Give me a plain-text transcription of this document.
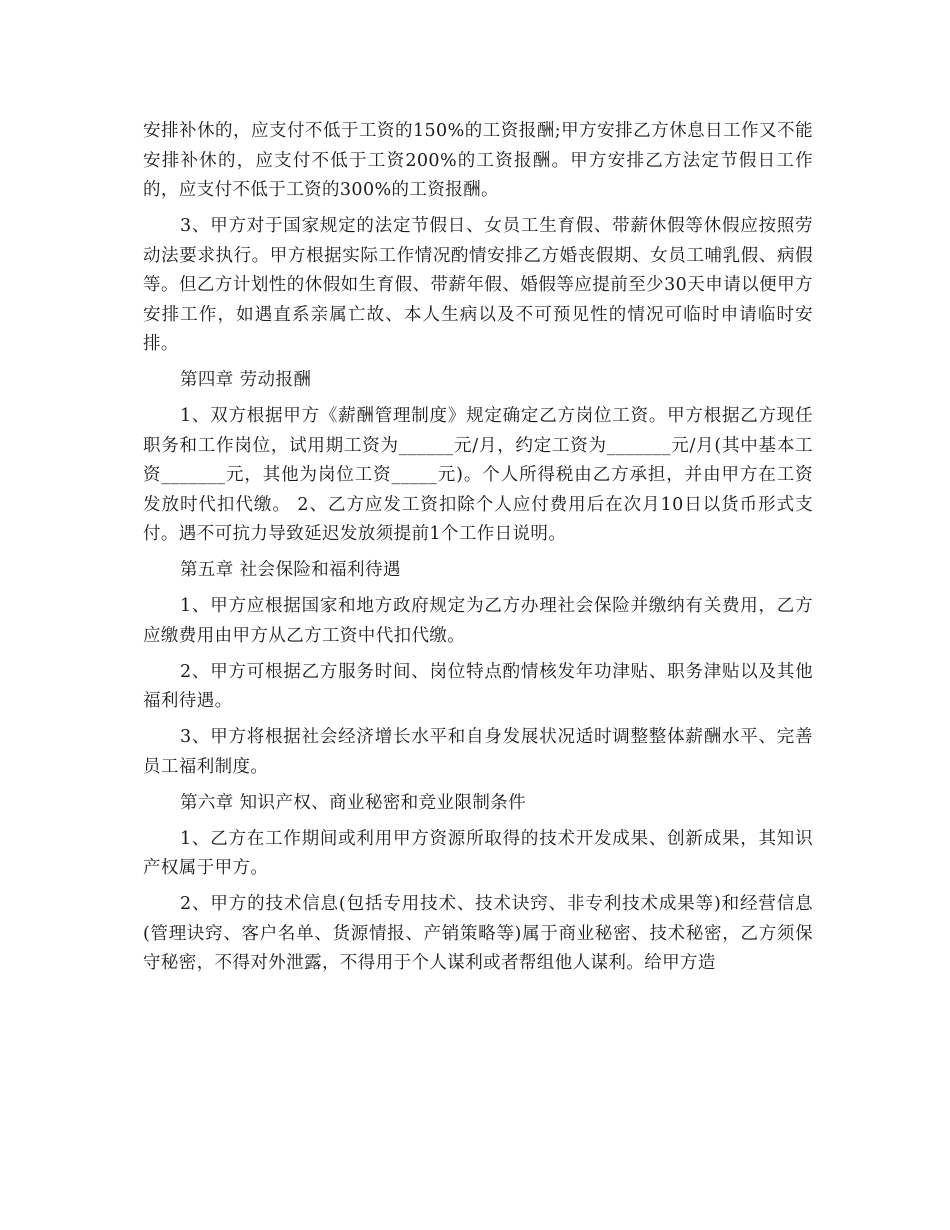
安排补休的，应支付不低于工资的150%的工资报酬;甲方安排乙方休息日工作又不能安排补休的，应支付不低于工资200%的工资报酬。甲方安排乙方法定节假日工作的，应支付不低于工资的300%的工资报酬。

3、甲方对于国家规定的法定节假日、女员工生育假、带薪休假等休假应按照劳动法要求执行。甲方根据实际工作情况酌情安排乙方婚丧假期、女员工哺乳假、病假等。但乙方计划性的休假如生育假、带薪年假、婚假等应提前至少30天申请以便甲方安排工作，如遇直系亲属亡故、本人生病以及不可预见性的情况可临时申请临时安排。

第四章 劳动报酬

1、双方根据甲方《薪酬管理制度》规定确定乙方岗位工资。甲方根据乙方现任职务和工作岗位，试用期工资为______元/月，约定工资为_______元/月(其中基本工资_______元，其他为岗位工资_____元)。个人所得税由乙方承担，并由甲方在工资发放时代扣代缴。 2、乙方应发工资扣除个人应付费用后在次月10日以货币形式支付。遇不可抗力导致延迟发放须提前1个工作日说明。

第五章 社会保险和福利待遇

1、甲方应根据国家和地方政府规定为乙方办理社会保险并缴纳有关费用，乙方应缴费用由甲方从乙方工资中代扣代缴。

2、甲方可根据乙方服务时间、岗位特点酌情核发年功津贴、职务津贴以及其他福利待遇。

3、甲方将根据社会经济增长水平和自身发展状况适时调整整体薪酬水平、完善员工福利制度。

第六章 知识产权、商业秘密和竞业限制条件

1、乙方在工作期间或利用甲方资源所取得的技术开发成果、创新成果，其知识产权属于甲方。

2、甲方的技术信息(包括专用技术、技术诀窍、非专利技术成果等)和经营信息(管理诀窍、客户名单、货源情报、产销策略等)属于商业秘密、技术秘密，乙方须保守秘密，不得对外泄露，不得用于个人谋利或者帮组他人谋利。给甲方造
